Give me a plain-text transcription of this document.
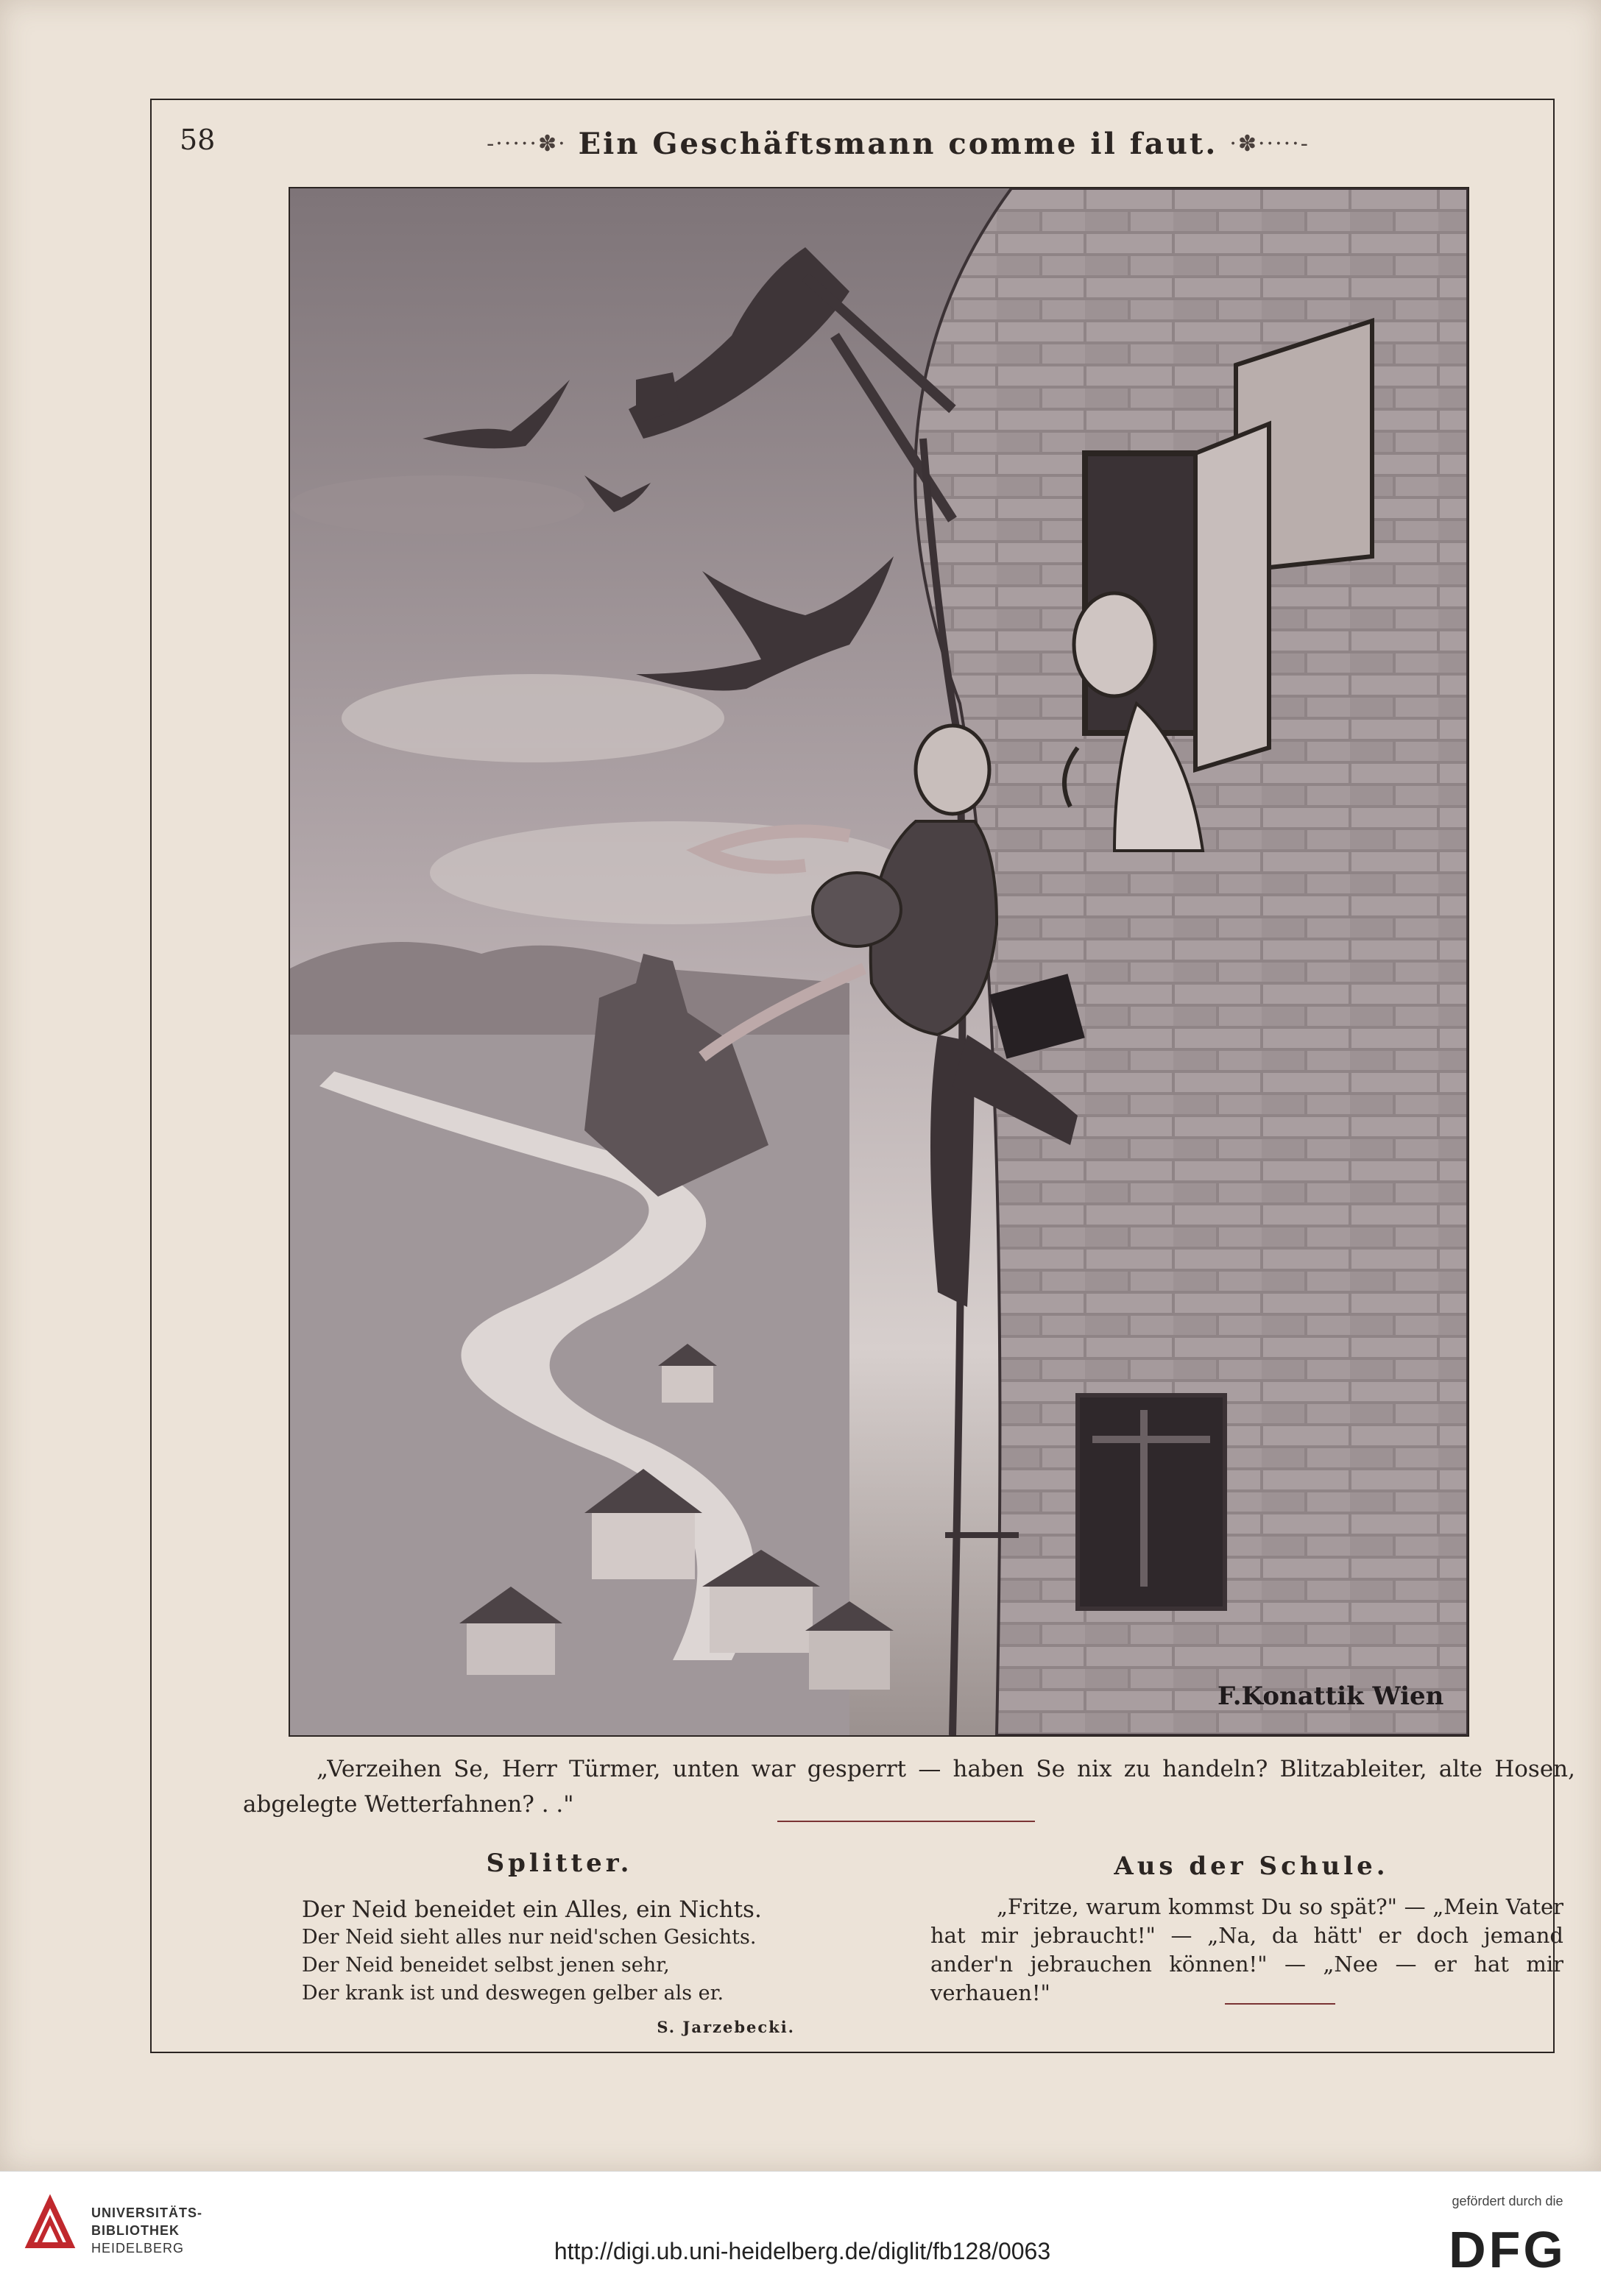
58	-·····✽· Ein Geschäftsmann comme il faut. ·✽·····-
F.Konattik Wien
„Verzeihen Se, Herr Türmer, unten war gesperrt — haben Se nix zu handeln? Blitzableiter, alte Hosen, abgelegte Wetterfahnen? . ."
Splitter.
Der Neid beneidet ein Alles, ein Nichts.
Der Neid sieht alles nur neid'schen Gesichts.
Der Neid beneidet selbst jenen sehr,
Der krank ist und deswegen gelber als er.
S. Jarzebecki.
Aus der Schule.
„Fritze, warum kommst Du so spät?" — „Mein Vater hat mir jebraucht!" — „Na, da hätt' er doch jemand ander'n jebrauchen können!" — „Nee — er hat mir verhauen!"
UNIVERSITÄTS-
BIBLIOTHEK
HEIDELBERG	http://digi.ub.uni-heidelberg.de/diglit/fb128/0063
gefördert durch die
DFG
